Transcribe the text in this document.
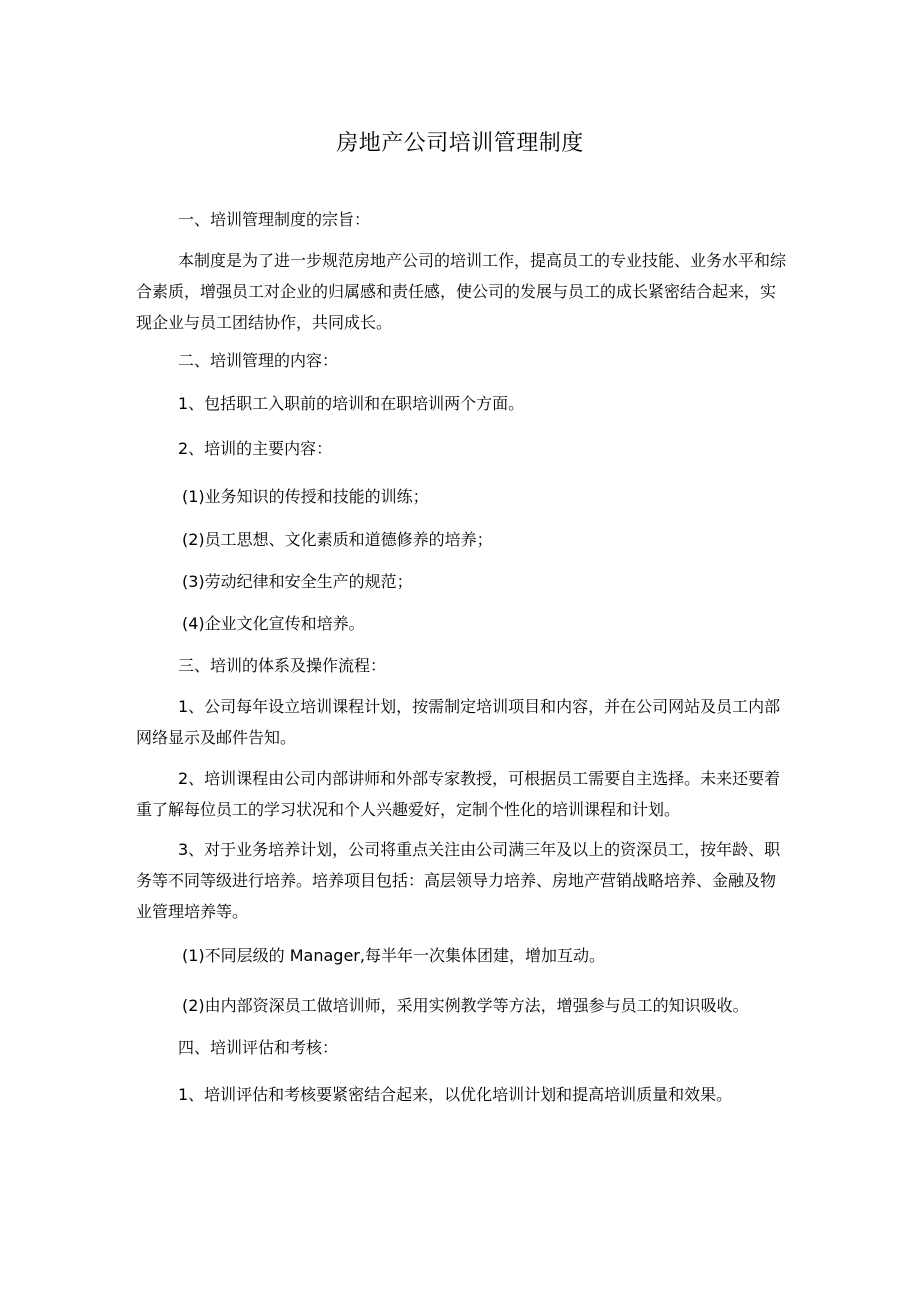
房地产公司培训管理制度

一、培训管理制度的宗旨：

本制度是为了进一步规范房地产公司的培训工作，提高员工的专业技能、业务水平和综合素质，增强员工对企业的归属感和责任感，使公司的发展与员工的成长紧密结合起来，实现企业与员工团结协作，共同成长。

二、培训管理的内容：

1、包括职工入职前的培训和在职培训两个方面。

2、培训的主要内容：

(1)业务知识的传授和技能的训练；

(2)员工思想、文化素质和道德修养的培养；

(3)劳动纪律和安全生产的规范；

(4)企业文化宣传和培养。

三、培训的体系及操作流程：

1、公司每年设立培训课程计划，按需制定培训项目和内容，并在公司网站及员工内部网络显示及邮件告知。

2、培训课程由公司内部讲师和外部专家教授，可根据员工需要自主选择。未来还要着重了解每位员工的学习状况和个人兴趣爱好，定制个性化的培训课程和计划。

3、对于业务培养计划，公司将重点关注由公司满三年及以上的资深员工，按年龄、职务等不同等级进行培养。培养项目包括：高层领导力培养、房地产营销战略培养、金融及物业管理培养等。

(1)不同层级的 Manager,每半年一次集体团建，增加互动。

(2)由内部资深员工做培训师，采用实例教学等方法，增强参与员工的知识吸收。

四、培训评估和考核：

1、培训评估和考核要紧密结合起来，以优化培训计划和提高培训质量和效果。
